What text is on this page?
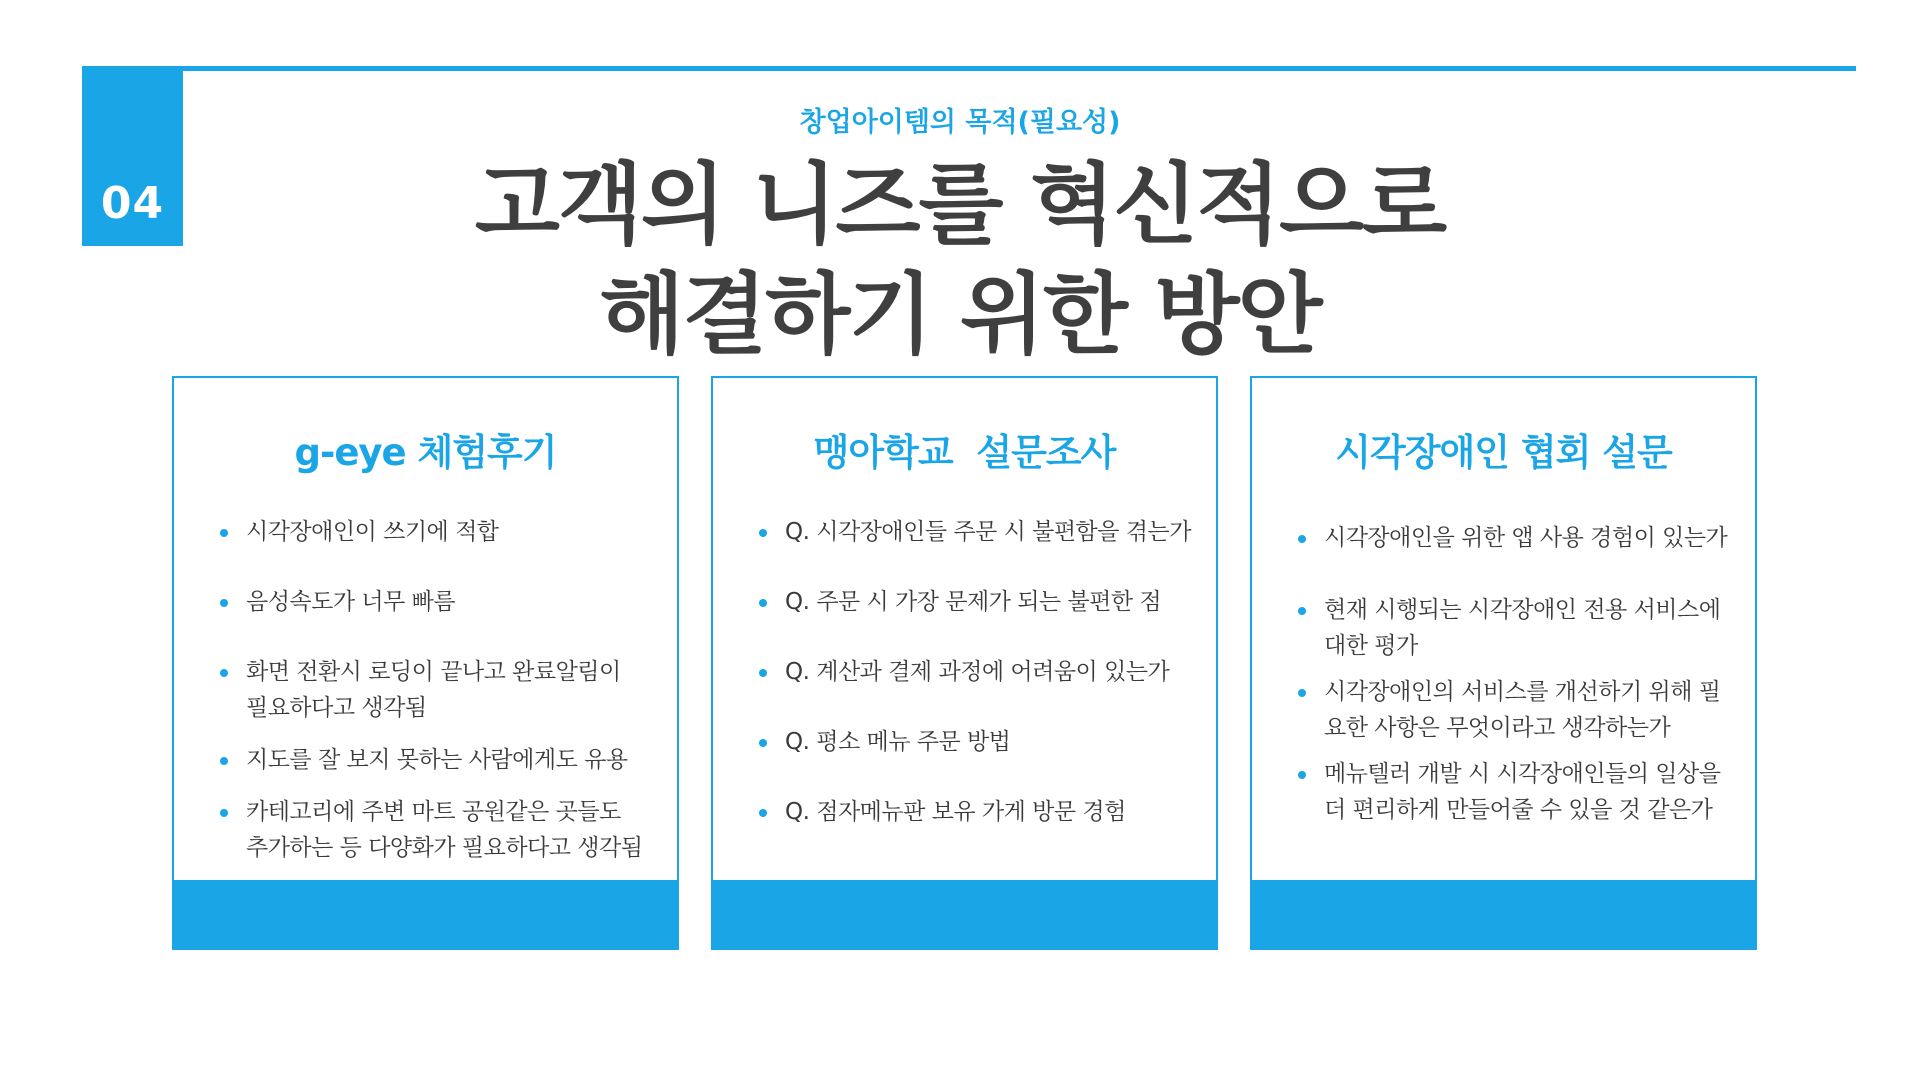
04
창업아이템의 목적(필요성)
고객의 니즈를 혁신적으로
해결하기 위한 방안
g-eye 체험후기
시각장애인이 쓰기에 적합
음성속도가 너무 빠름
화면 전환시 로딩이 끝나고 완료알림이
필요하다고 생각됨
지도를 잘 보지 못하는 사람에게도 유용
카테고리에 주변 마트 공원같은 곳들도
추가하는 등 다양화가 필요하다고 생각됨
맹아학교  설문조사
Q. 시각장애인들 주문 시 불편함을 겪는가
Q. 주문 시 가장 문제가 되는 불편한 점
Q. 계산과 결제 과정에 어려움이 있는가
Q. 평소 메뉴 주문 방법
Q. 점자메뉴판 보유 가게 방문 경험
시각장애인 협회 설문
시각장애인을 위한 앱 사용 경험이 있는가
현재 시행되는 시각장애인 전용 서비스에
대한 평가
시각장애인의 서비스를 개선하기 위해 필
요한 사항은 무엇이라고 생각하는가
메뉴텔러 개발 시 시각장애인들의 일상을
더 편리하게 만들어줄 수 있을 것 같은가
